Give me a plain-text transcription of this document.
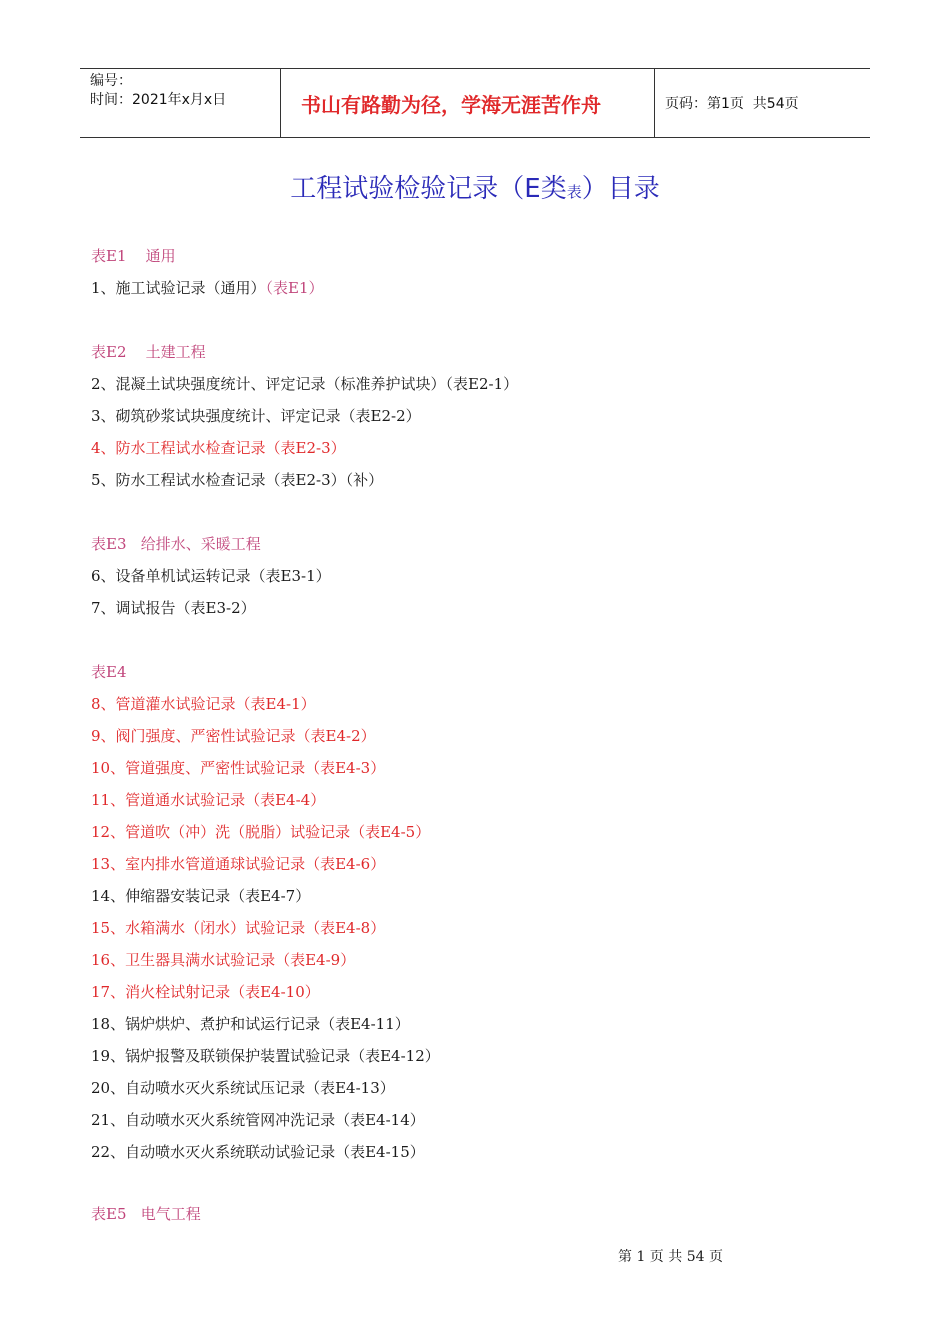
编号：
时间：2021年x月x日	书山有路勤为径，学海无涯苦作舟	页码：第1页  共54页
工程试验检验记录（E类表）目录
表E1    通用
1、施工试验记录（通用）（表E1）
表E2    土建工程
2、混凝土试块强度统计、评定记录（标准养护试块）（表E2-1）
3、砌筑砂浆试块强度统计、评定记录（表E2-2）
4、防水工程试水检查记录（表E2-3）
5、防水工程试水检查记录（表E2-3）（补）
表E3   给排水、采暖工程
6、设备单机试运转记录（表E3-1）
7、调试报告（表E3-2）
表E4
8、管道灌水试验记录（表E4-1）
9、阀门强度、严密性试验记录（表E4-2）
10、管道强度、严密性试验记录（表E4-3）
11、管道通水试验记录（表E4-4）
12、管道吹（冲）洗（脱脂）试验记录（表E4-5）
13、室内排水管道通球试验记录（表E4-6）
14、伸缩器安装记录（表E4-7）
15、水箱满水（闭水）试验记录（表E4-8）
16、卫生器具满水试验记录（表E4-9）
17、消火栓试射记录（表E4-10）
18、锅炉烘炉、煮护和试运行记录（表E4-11）
19、锅炉报警及联锁保护装置试验记录（表E4-12）
20、自动喷水灭火系统试压记录（表E4-13）
21、自动喷水灭火系统管网冲洗记录（表E4-14）
22、自动喷水灭火系统联动试验记录（表E4-15）
表E5   电气工程
第 1 页 共 54 页
